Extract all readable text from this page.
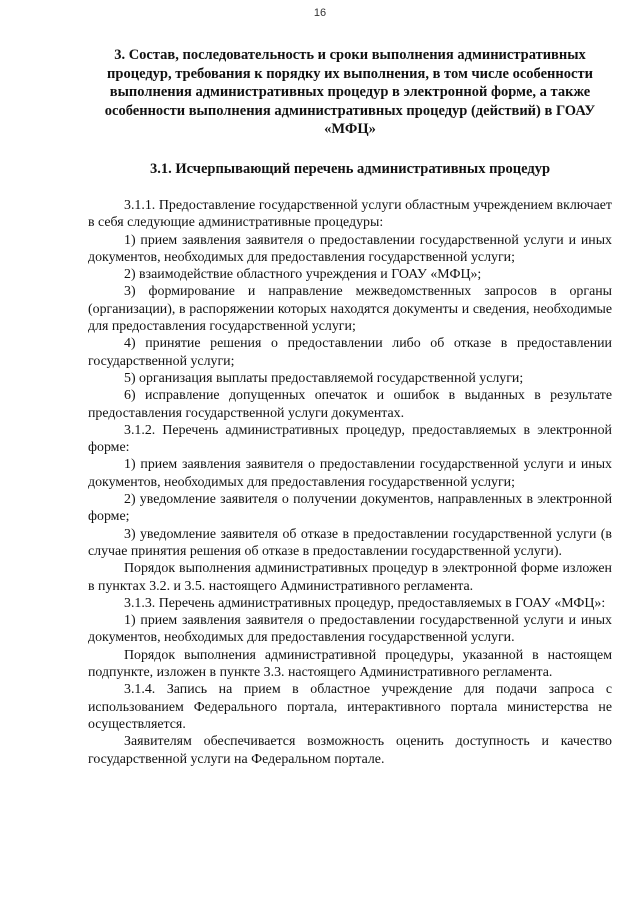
16
3. Состав, последовательность и сроки выполнения административных процедур, требования к порядку их выполнения, в том числе особенности выполнения административных процедур в электронной форме, а также особенности выполнения административных процедур (действий) в ГОАУ «МФЦ»
3.1. Исчерпывающий перечень административных процедур

3.1.1. Предоставление государственной услуги областным учреждением включает в себя следующие административные процедуры:

1) прием заявления заявителя о предоставлении государственной услуги и иных документов, необходимых для предоставления государственной услуги;

2) взаимодействие областного учреждения и ГОАУ «МФЦ»;

3) формирование и направление межведомственных запросов в органы (организации), в распоряжении которых находятся документы и сведения, необходимые для предоставления государственной услуги;

4) принятие решения о предоставлении либо об отказе в предоставлении государственной услуги;

5) организация выплаты предоставляемой государственной услуги;

6) исправление допущенных опечаток и ошибок в выданных в результате предоставления государственной услуги документах.

3.1.2. Перечень административных процедур, предоставляемых в электронной форме:

1) прием заявления заявителя о предоставлении государственной услуги и иных документов, необходимых для предоставления государственной услуги;

2) уведомление заявителя о получении документов, направленных в электронной форме;

3) уведомление заявителя об отказе в предоставлении государственной услуги (в случае принятия решения об отказе в предоставлении государственной услуги).

Порядок выполнения административных процедур в электронной форме изложен в пунктах 3.2. и 3.5. настоящего Административного регламента.

3.1.3. Перечень административных процедур, предоставляемых в ГОАУ «МФЦ»:

1) прием заявления заявителя о предоставлении государственной услуги и иных документов, необходимых для предоставления государственной услуги.

Порядок выполнения административной процедуры, указанной в настоящем подпункте, изложен в пункте 3.3. настоящего Административного регламента.

3.1.4. Запись на прием в областное учреждение для подачи запроса с использованием Федерального портала, интерактивного портала министерства не осуществляется.

Заявителям обеспечивается возможность оценить доступность и качество государственной услуги на Федеральном портале.
